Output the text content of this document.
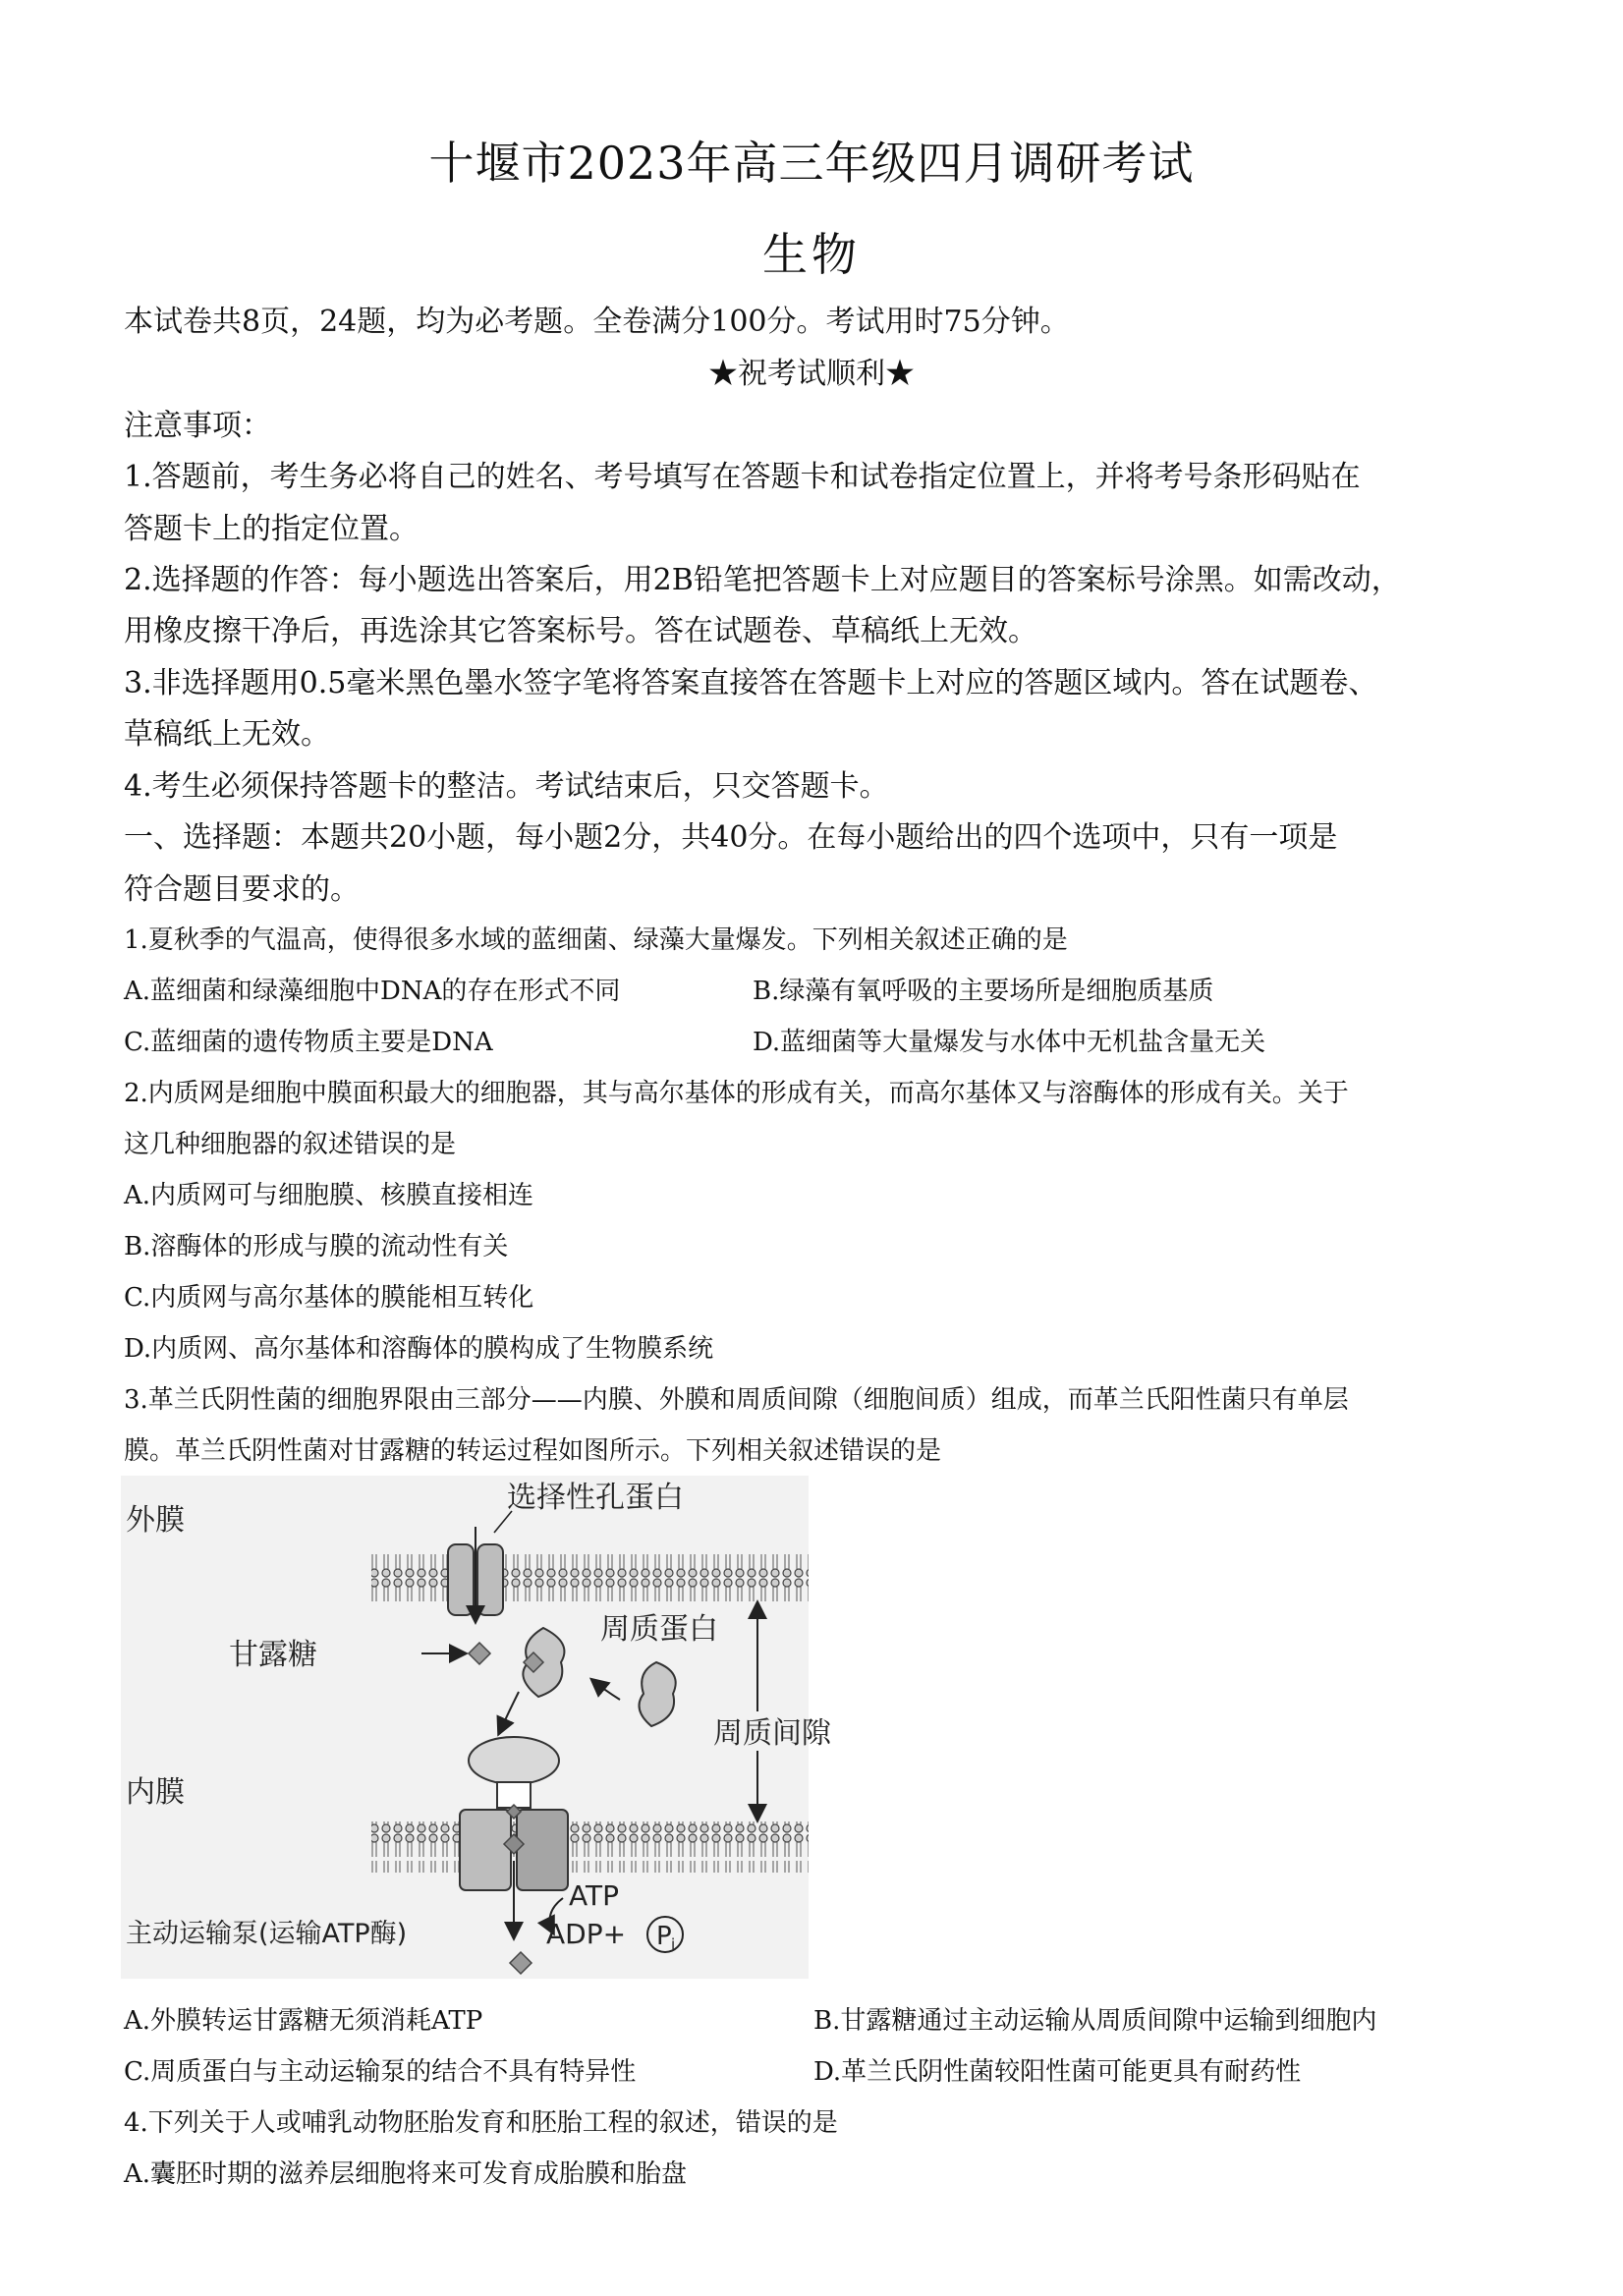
十堰市2023年高三年级四月调研考试
生物
本试卷共8页，24题，均为必考题。全卷满分100分。考试用时75分钟。
★祝考试顺利★
注意事项：
1.答题前，考生务必将自己的姓名、考号填写在答题卡和试卷指定位置上，并将考号条形码贴在
答题卡上的指定位置。
2.选择题的作答：每小题选出答案后，用2B铅笔把答题卡上对应题目的答案标号涂黑。如需改动，
用橡皮擦干净后，再选涂其它答案标号。答在试题卷、草稿纸上无效。
3.非选择题用0.5毫米黑色墨水签字笔将答案直接答在答题卡上对应的答题区域内。答在试题卷、
草稿纸上无效。
4.考生必须保持答题卡的整洁。考试结束后，只交答题卡。
一、选择题：本题共20小题，每小题2分，共40分。在每小题给出的四个选项中，只有一项是
符合题目要求的。
1.夏秋季的气温高，使得很多水域的蓝细菌、绿藻大量爆发。下列相关叙述正确的是
A.蓝细菌和绿藻细胞中DNA的存在形式不同	B.绿藻有氧呼吸的主要场所是细胞质基质
C.蓝细菌的遗传物质主要是DNA	D.蓝细菌等大量爆发与水体中无机盐含量无关
2.内质网是细胞中膜面积最大的细胞器，其与高尔基体的形成有关，而高尔基体又与溶酶体的形成有关。关于
这几种细胞器的叙述错误的是
A.内质网可与细胞膜、核膜直接相连
B.溶酶体的形成与膜的流动性有关
C.内质网与高尔基体的膜能相互转化
D.内质网、高尔基体和溶酶体的膜构成了生物膜系统
3.革兰氏阴性菌的细胞界限由三部分——内膜、外膜和周质间隙（细胞间质）组成，而革兰氏阳性菌只有单层
膜。革兰氏阴性菌对甘露糖的转运过程如图所示。下列相关叙述错误的是
外膜
选择性孔蛋白
周质蛋白
甘露糖
周质间隙
内膜
主动运输泵(运输ATP酶)
ATP
ADP+ P i
A.外膜转运甘露糖无须消耗ATP	B.甘露糖通过主动运输从周质间隙中运输到细胞内
C.周质蛋白与主动运输泵的结合不具有特异性	D.革兰氏阴性菌较阳性菌可能更具有耐药性
4.下列关于人或哺乳动物胚胎发育和胚胎工程的叙述，错误的是
A.囊胚时期的滋养层细胞将来可发育成胎膜和胎盘
